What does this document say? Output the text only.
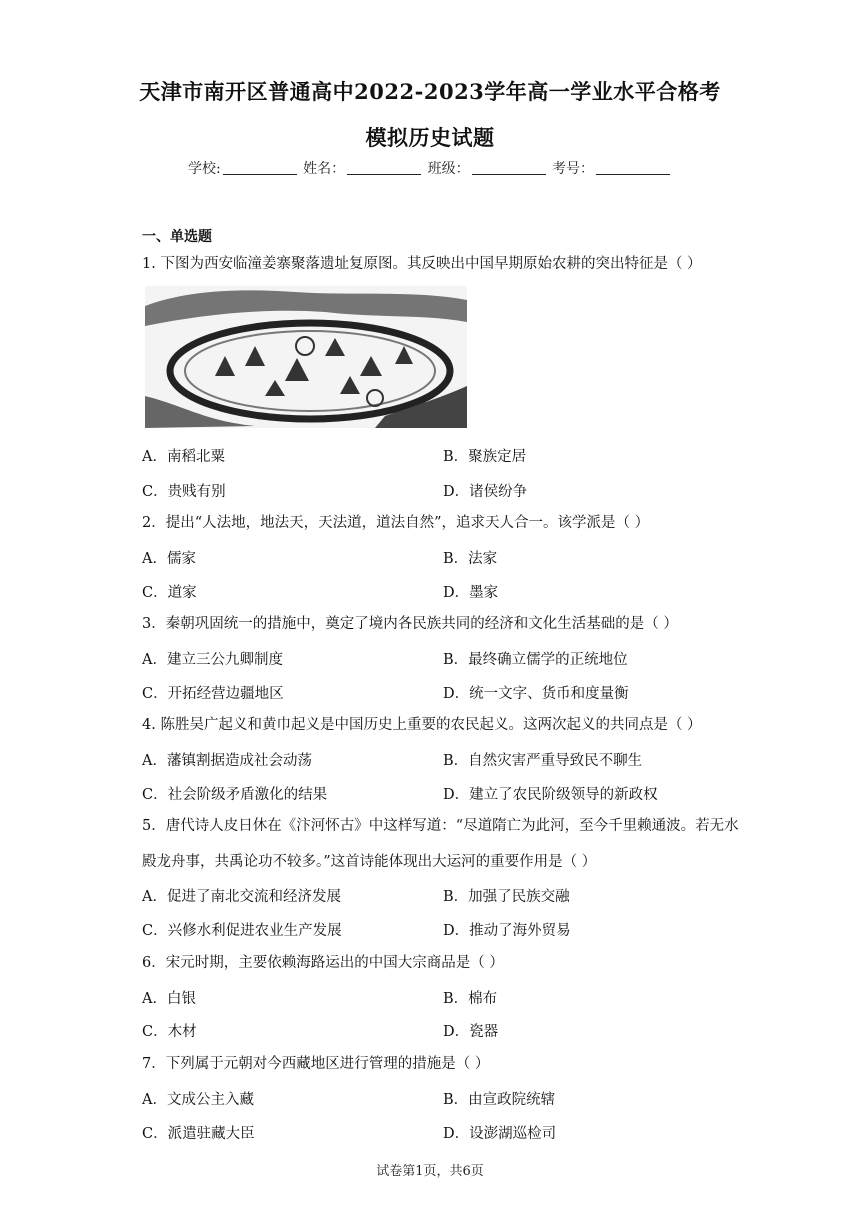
天津市南开区普通高中2022-2023学年高一学业水平合格考
模拟历史试题
学校:	姓名：	班级：	考号：
一、单选题
1. 下图为西安临潼姜寨聚落遗址复原图。其反映出中国早期原始农耕的突出特征是（ ）
A．南稻北粟	B．聚族定居
C．贵贱有别	D．诸侯纷争
2．提出“人法地，地法天，天法道，道法自然”，追求天人合一。该学派是（ ）
A．儒家	B．法家
C．道家	D．墨家
3．秦朝巩固统一的措施中，奠定了境内各民族共同的经济和文化生活基础的是（ ）
A．建立三公九卿制度	B．最终确立儒学的正统地位
C．开拓经营边疆地区	D．统一文字、货币和度量衡
4. 陈胜吴广起义和黄巾起义是中国历史上重要的农民起义。这两次起义的共同点是（ ）
A．藩镇割据造成社会动荡	B．自然灾害严重导致民不聊生
C．社会阶级矛盾激化的结果	D．建立了农民阶级领导的新政权
5．唐代诗人皮日休在《汴河怀古》中这样写道：“尽道隋亡为此河，至今千里赖通波。若无水殿龙舟事，共禹论功不较多。”这首诗能体现出大运河的重要作用是（ ）
A．促进了南北交流和经济发展	B．加强了民族交融
C．兴修水利促进农业生产发展	D．推动了海外贸易
6．宋元时期，主要依赖海路运出的中国大宗商品是（ ）
A．白银	B．棉布
C．木材	D．瓷器
7．下列属于元朝对今西藏地区进行管理的措施是（ ）
A．文成公主入藏	B．由宣政院统辖
C．派遣驻藏大臣	D．设澎湖巡检司
试卷第1页，共6页
